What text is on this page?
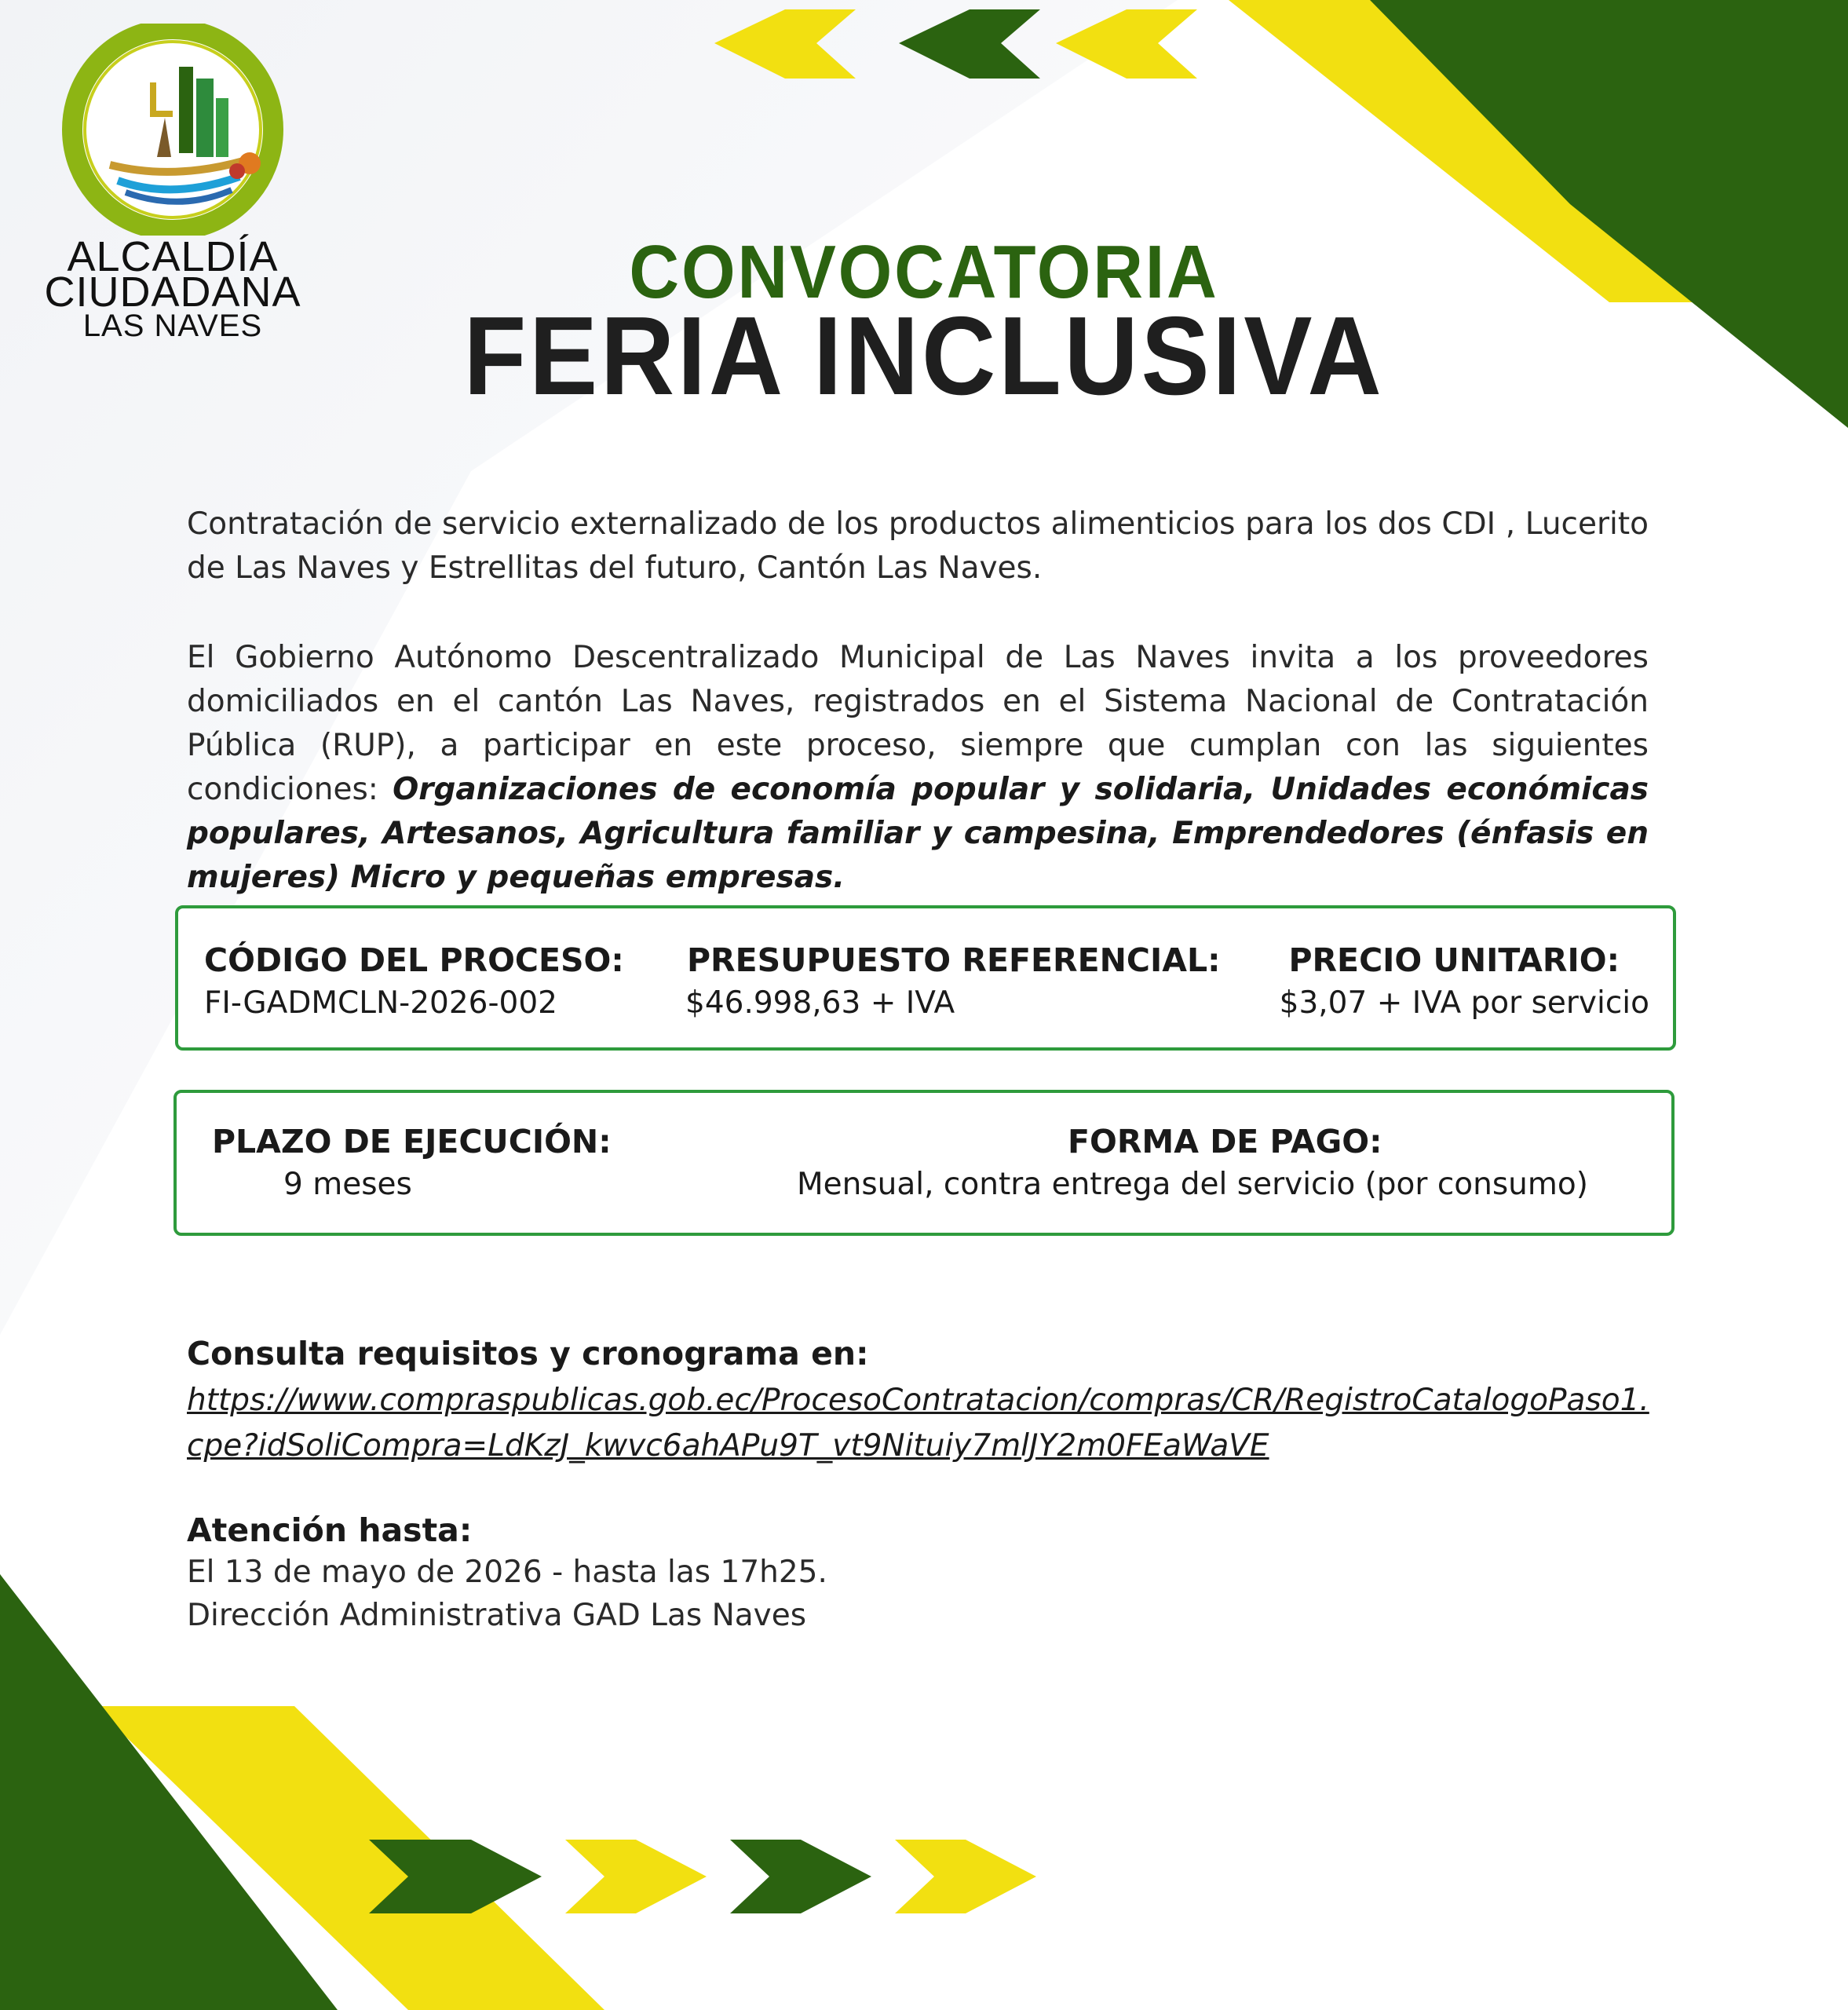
ALCALDÍA
CIUDADANA
LAS NAVES
CONVOCATORIA
FERIA INCLUSIVA
Contratación de servicio externalizado de los productos alimenticios para los dos CDI , Lucerito de Las Naves y Estrellitas del futuro, Cantón Las Naves.
El Gobierno Autónomo Descentralizado Municipal de Las Naves invita a los proveedores domiciliados en el cantón Las Naves, registrados en el Sistema Nacional de Contratación Pública (RUP), a participar en este proceso, siempre que cumplan con las siguientes condiciones: Organizaciones de economía popular y solidaria, Unidades económicas populares, Artesanos, Agricultura familiar y campesina, Emprendedores (énfasis en mujeres) Micro y pequeñas empresas.
CÓDIGO DEL PROCESO:
FI-GADMCLN-2026-002
PRESUPUESTO REFERENCIAL:
$46.998,63 + IVA
PRECIO UNITARIO:
$3,07 + IVA por servicio
PLAZO DE EJECUCIÓN:
9 meses
FORMA DE PAGO:
Mensual, contra entrega del servicio (por consumo)
Consulta requisitos y cronograma en:
https://www.compraspublicas.gob.ec/ProcesoContratacion/compras/CR/RegistroCatalogoPaso1.cpe?idSoliCompra=LdKzJ_kwvc6ahAPu9T_vt9Nituiy7mlJY2m0FEaWaVE
Atención hasta:
El 13 de mayo de 2026 - hasta las 17h25.
Dirección Administrativa GAD Las Naves
